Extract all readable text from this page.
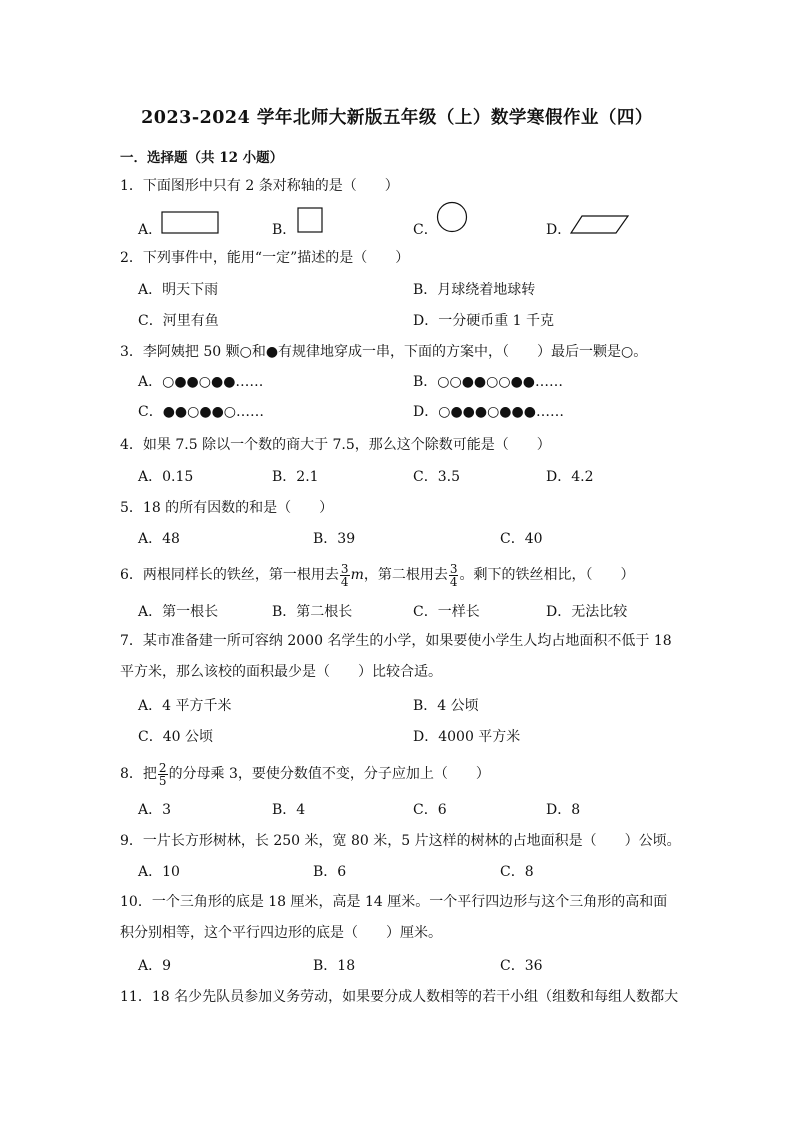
2023-2024 学年北师大新版五年级（上）数学寒假作业（四）
一．选择题（共 12 小题）
1．下面图形中只有 2 条对称轴的是（　　）
A．	B．	C．	D．
2．下列事件中，能用“一定”描述的是（　　）
A．明天下雨	B．月球绕着地球转
C．河里有鱼	D．一分硬币重 1 千克
3．李阿姨把 50 颗○和●有规律地穿成一串，下面的方案中，（　　）最后一颗是○。
A．○●●○●●……	B．○○●●○○●●……
C．●●○●●○……	D．○●●●○●●●……
4．如果 7.5 除以一个数的商大于 7.5，那么这个除数可能是（　　）
A．0.15	B．2.1	C．3.5	D．4.2
5．18 的所有因数的和是（　　）
A．48	B．39	C．40
6．两根同样长的铁丝，第一根用去 $\frac{3}{4}$ m，第二根用去 $\frac{3}{4}$ 。剩下的铁丝相比，（　　）
A．第一根长	B．第二根长	C．一样长	D．无法比较
7．某市准备建一所可容纳 2000 名学生的小学，如果要使小学生人均占地面积不低于 18 平方米，那么该校的面积最少是（　　）比较合适。
A．4 平方千米	B．4 公顷
C．40 公顷	D．4000 平方米
8．把 $\frac{2}{5}$ 的分母乘 3，要使分数值不变，分子应加上（　　）
A．3	B．4	C．6	D．8
9．一片长方形树林，长 250 米，宽 80 米，5 片这样的树林的占地面积是（　　）公顷。
A．10	B．6	C．8
10．一个三角形的底是 18 厘米，高是 14 厘米。一个平行四边形与这个三角形的高和面积分别相等，这个平行四边形的底是（　　）厘米。
A．9	B．18	C．36
11．18 名少先队员参加义务劳动，如果要分成人数相等的若干小组（组数和每组人数都大
